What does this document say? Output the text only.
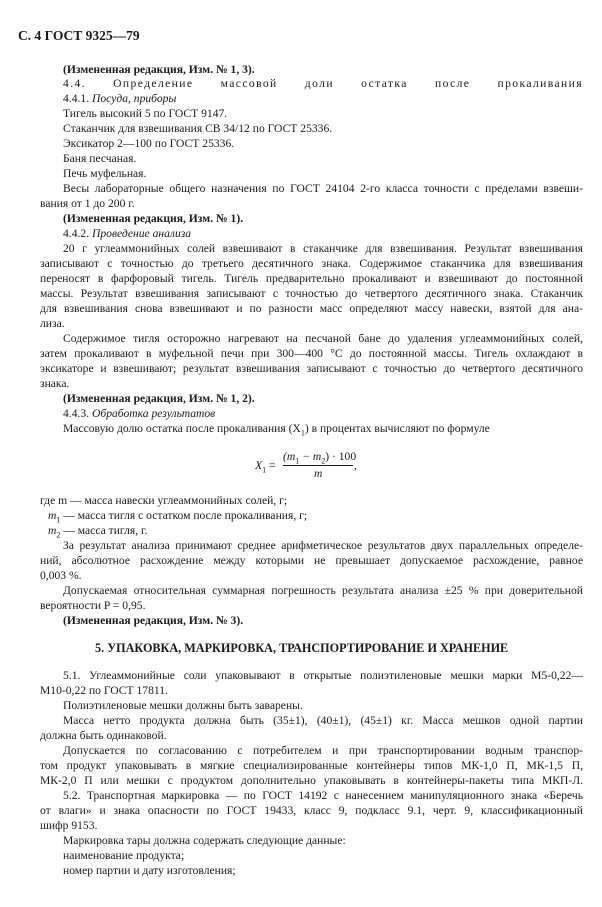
С. 4 ГОСТ 9325—79
(Измененная редакция, Изм. № 1, 3).
4.4. Определение массовой доли остатка после прокаливания
4.4.1. Посуда, приборы
Тигель высокий 5 по ГОСТ 9147.
Стаканчик для взвешивания СВ 34/12 по ГОСТ 25336.
Эксикатор 2—100 по ГОСТ 25336.
Баня песчаная.
Печь муфельная.
Весы лабораторные общего назначения по ГОСТ 24104 2-го класса точности с пределами взвеши-
вания от 1 до 200 г.
(Измененная редакция, Изм. № 1).
4.4.2. Проведение анализа
20 г углеаммонийных солей взвешивают в стаканчике для взвешивания. Результат взвешивания
записывают с точностью до третьего десятичного знака. Содержимое стаканчика для взвешивания
переносят в фарфоровый тигель. Тигель предварительно прокаливают и взвешивают до постоянной
массы. Результат взвешивания записывают с точностью до четвертого десятичного знака. Стаканчик
для взвешивания снова взвешивают и по разности масс определяют массу навески, взятой для ана-
лиза.
Содержимое тигля осторожно нагревают на песчаной бане до удаления углеаммонийных солей,
затем прокаливают в муфельной печи при 300—400 °С до постоянной массы. Тигель охлаждают в
эксикаторе и взвешивают; результат взвешивания записывают с точностью до четвертого десятичного
знака.
(Измененная редакция, Изм. № 1, 2).
4.4.3. Обработка результатов
Массовую долю остатка после прокаливания $(X_1)$ в процентах вычисляют по формуле
$X_1$ =
$(m_1 - m_2) \cdot 100$
m
,
где m — масса навески углеаммонийных солей, г;
$m_1$ — масса тигля с остатком после прокаливания, г;
$m_2$ — масса тигля, г.
За результат анализа принимают среднее арифметическое результатов двух параллельных определе-
ний, абсолютное расхождение между которыми не превышает допускаемое расхождение, равное
0,003 %.
Допускаемая относительная суммарная погрешность результата анализа ±25 % при доверительной
вероятности P = 0,95.
(Измененная редакция, Изм. № 3).
5. УПАКОВКА, МАРКИРОВКА, ТРАНСПОРТИРОВАНИЕ И ХРАНЕНИЕ
5.1. Углеаммонийные соли упаковывают в открытые полиэтиленовые мешки марки М5-0,22—
М10-0,22 по ГОСТ 17811.
Полиэтиленовые мешки должны быть заварены.
Масса нетто продукта должна быть (35±1), (40±1), (45±1) кг. Масса мешков одной партии
должна быть одинаковой.
Допускается по согласованию с потребителем и при транспортировании водным транспор-
том продукт упаковывать в мягкие специализированные контейнеры типов МК-1,0 П, МК-1,5 П,
МК-2,0 П или мешки с продуктом дополнительно упаковывать в контейнеры-пакеты типа МКП-Л.
5.2. Транспортная маркировка — по ГОСТ 14192 с нанесением манипуляционного знака «Беречь
от влаги» и знака опасности по ГОСТ 19433, класс 9, подкласс 9.1, черт. 9, классификационный
шифр 9153.
Маркировка тары должна содержать следующие данные:
наименование продукта;
номер партии и дату изготовления;
